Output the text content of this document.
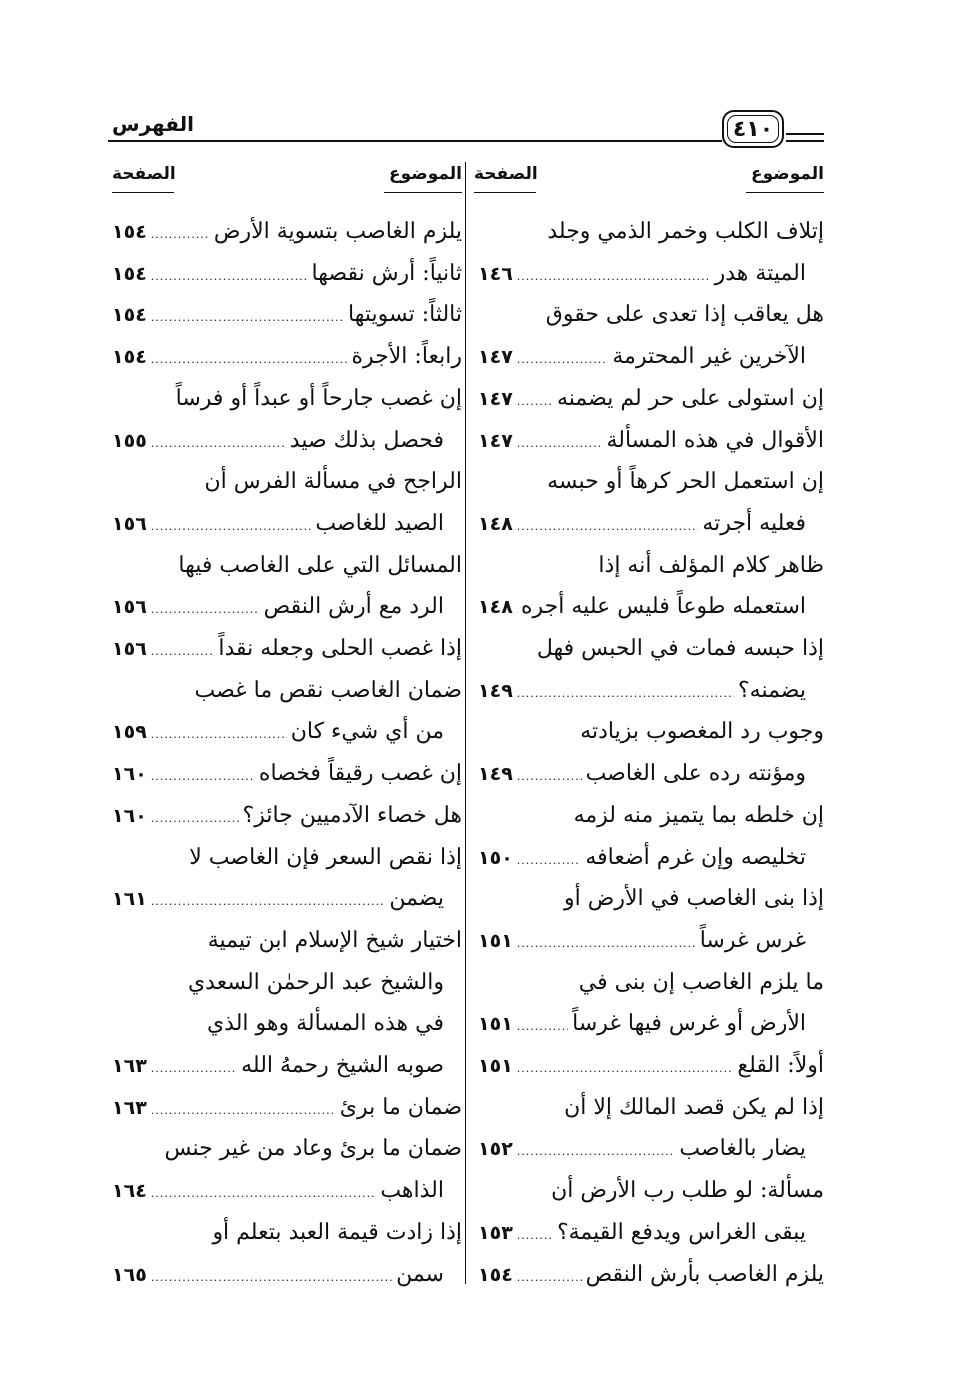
الفهرس	٤١٠
الموضوع
الصفحة
الموضوع
الصفحة
إتلاف الكلب وخمر الذمي وجلد
الميتة هدر
.....
١٤٦
هل يعاقب إذا تعدى على حقوق
الآخرين غير المحترمة
.....
١٤٧
إن استولى على حر لم يضمنه
.....
١٤٧
الأقوال في هذه المسألة
.....
١٤٧
إن استعمل الحر كرهاً أو حبسه
فعليه أجرته
.....
١٤٨
ظاهر كلام المؤلف أنه إذا
استعمله طوعاً فليس عليه أجره
.....
١٤٨
إذا حبسه فمات في الحبس فهل
يضمنه؟
.....
١٤٩
وجوب رد المغصوب بزيادته
ومؤنته رده على الغاصب
.....
١٤٩
إن خلطه بما يتميز منه لزمه
تخليصه وإن غرم أضعافه
.....
١٥٠
إذا بنى الغاصب في الأرض أو
غرس غرساً
.....
١٥١
ما يلزم الغاصب إن بنى في
الأرض أو غرس فيها غرساً
.....
١٥١
أولاً: القلع
.....
١٥١
إذا لم يكن قصد المالك إلا أن
يضار بالغاصب
.....
١٥٢
مسألة: لو طلب رب الأرض أن
يبقى الغراس ويدفع القيمة؟
.....
١٥٣
يلزم الغاصب بأرش النقص
.....
١٥٤
يلزم الغاصب بتسوية الأرض
.....
١٥٤
ثانياً: أرش نقصها
.....
١٥٤
ثالثاً: تسويتها
.....
١٥٤
رابعاً: الأجرة
.....
١٥٤
إن غصب جارحاً أو عبداً أو فرساً
فحصل بذلك صيد
.....
١٥٥
الراجح في مسألة الفرس أن
الصيد للغاصب
.....
١٥٦
المسائل التي على الغاصب فيها
الرد مع أرش النقص
.....
١٥٦
إذا غصب الحلى وجعله نقداً
.....
١٥٦
ضمان الغاصب نقص ما غصب
من أي شيء كان
.....
١٥٩
إن غصب رقيقاً فخصاه
.....
١٦٠
هل خصاء الآدميين جائز؟
.....
١٦٠
إذا نقص السعر فإن الغاصب لا
يضمن
.....
١٦١
اختيار شيخ الإسلام ابن تيمية
والشيخ عبد الرحمٰن السعدي
في هذه المسألة وهو الذي
صوبه الشيخ رحمهُ الله
.....
١٦٣
ضمان ما برئ
.....
١٦٣
ضمان ما برئ وعاد من غير جنس
الذاهب
.....
١٦٤
إذا زادت قيمة العبد بتعلم أو
سمن
.....
١٦٥
